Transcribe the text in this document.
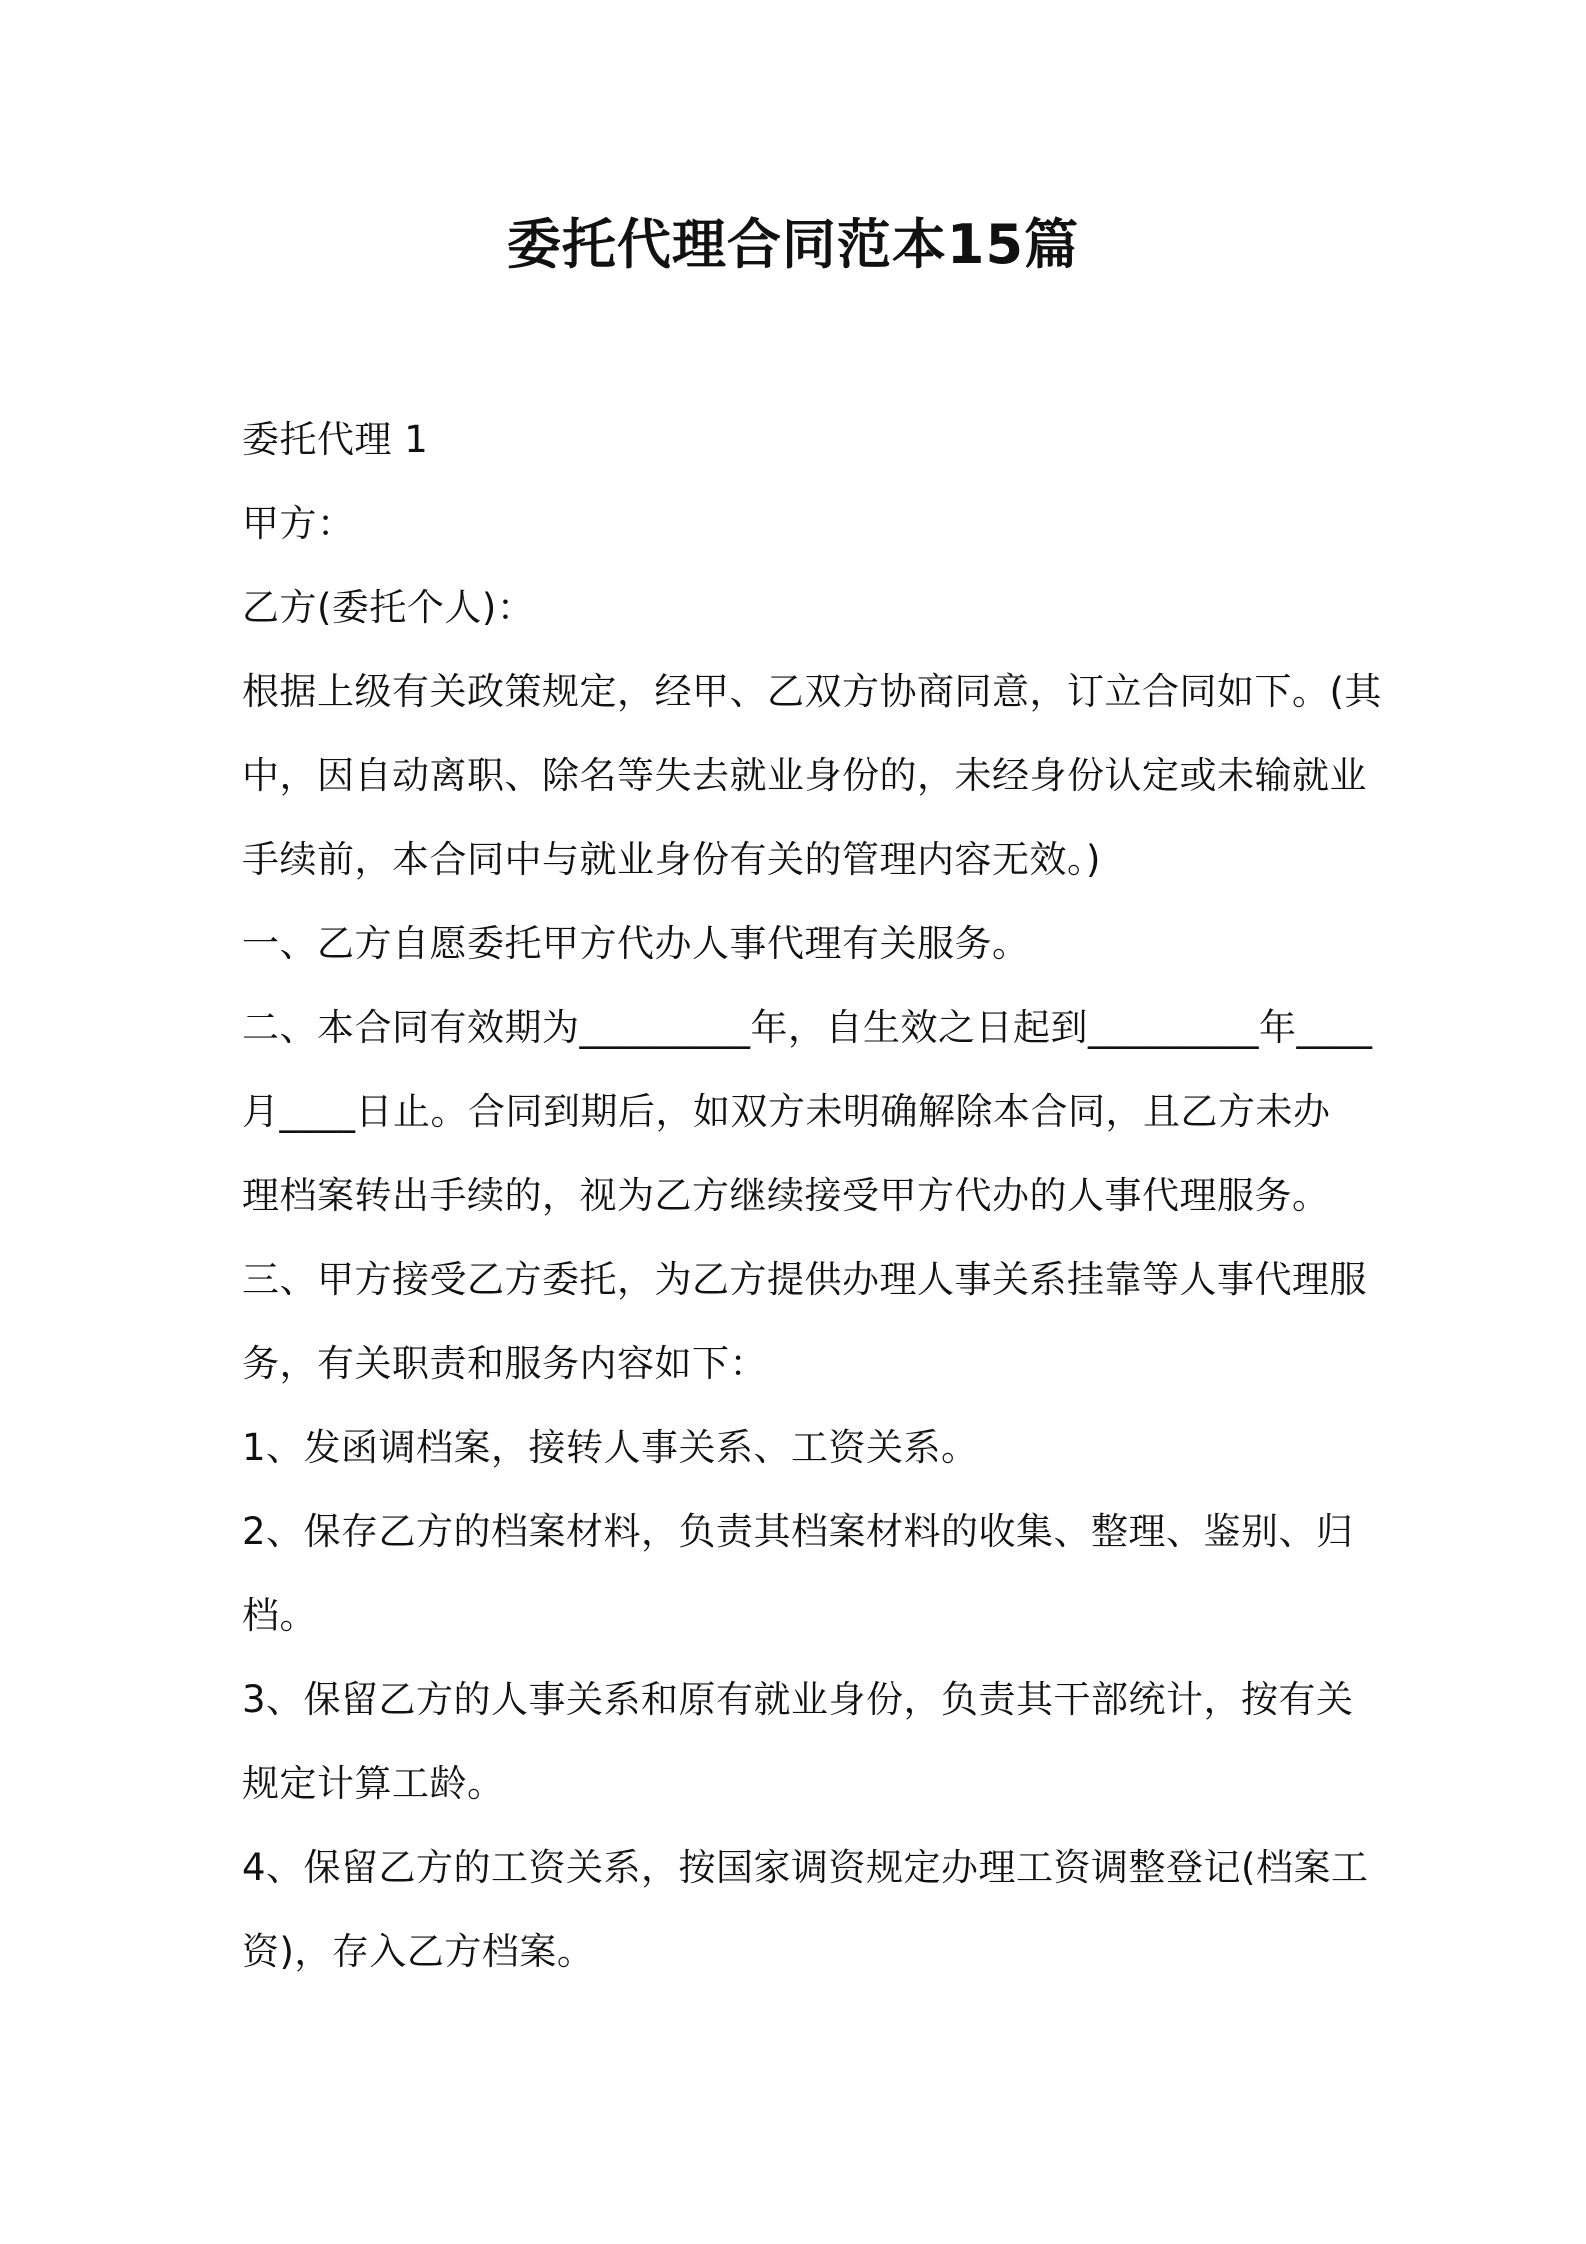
委托代理合同范本15篇
委托代理 1
甲方：
乙方(委托个人)：
根据上级有关政策规定，经甲、乙双方协商同意，订立合同如下。(其
中，因自动离职、除名等失去就业身份的，未经身份认定或未输就业
手续前，本合同中与就业身份有关的管理内容无效。)
一、乙方自愿委托甲方代办人事代理有关服务。
二、本合同有效期为_________年，自生效之日起到_________年____
月____日止。合同到期后，如双方未明确解除本合同，且乙方未办
理档案转出手续的，视为乙方继续接受甲方代办的人事代理服务。
三、甲方接受乙方委托，为乙方提供办理人事关系挂靠等人事代理服
务，有关职责和服务内容如下：
1、发函调档案，接转人事关系、工资关系。
2、保存乙方的档案材料，负责其档案材料的收集、整理、鉴别、归
档。
3、保留乙方的人事关系和原有就业身份，负责其干部统计，按有关
规定计算工龄。
4、保留乙方的工资关系，按国家调资规定办理工资调整登记(档案工
资)，存入乙方档案。
